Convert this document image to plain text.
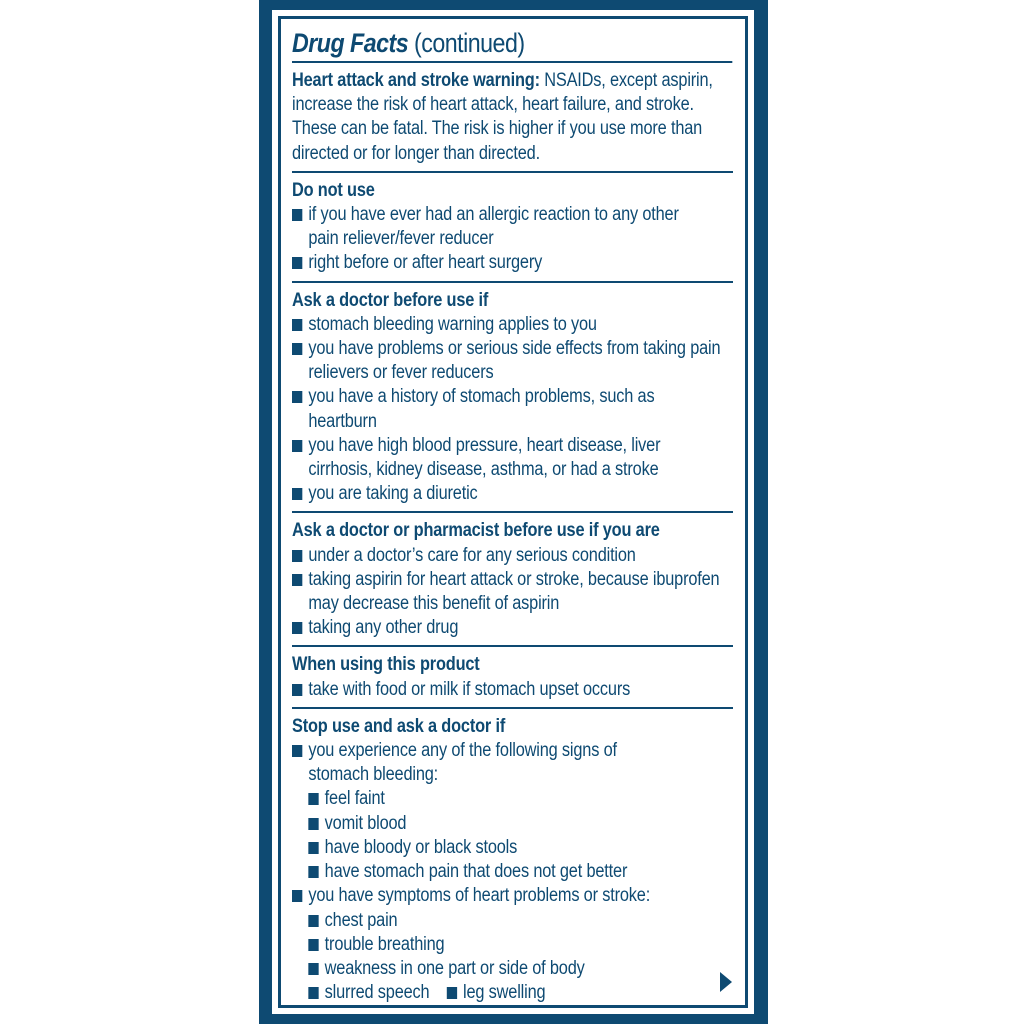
Drug Facts (continued)
Heart attack and stroke warning: NSAIDs, except aspirin,
increase the risk of heart attack, heart failure, and stroke.
These can be fatal. The risk is higher if you use more than
directed or for longer than directed.
Do not use
if you have ever had an allergic reaction to any other
pain reliever/fever reducer
right before or after heart surgery
Ask a doctor before use if
stomach bleeding warning applies to you
you have problems or serious side effects from taking pain
relievers or fever reducers
you have a history of stomach problems, such as
heartburn
you have high blood pressure, heart disease, liver
cirrhosis, kidney disease, asthma, or had a stroke
you are taking a diuretic
Ask a doctor or pharmacist before use if you are
under a doctor’s care for any serious condition
taking aspirin for heart attack or stroke, because ibuprofen
may decrease this benefit of aspirin
taking any other drug
When using this product
take with food or milk if stomach upset occurs
Stop use and ask a doctor if
you experience any of the following signs of
stomach bleeding:
feel faint
vomit blood
have bloody or black stools
have stomach pain that does not get better
you have symptoms of heart problems or stroke:
chest pain
trouble breathing
weakness in one part or side of body
slurred speech leg swelling
